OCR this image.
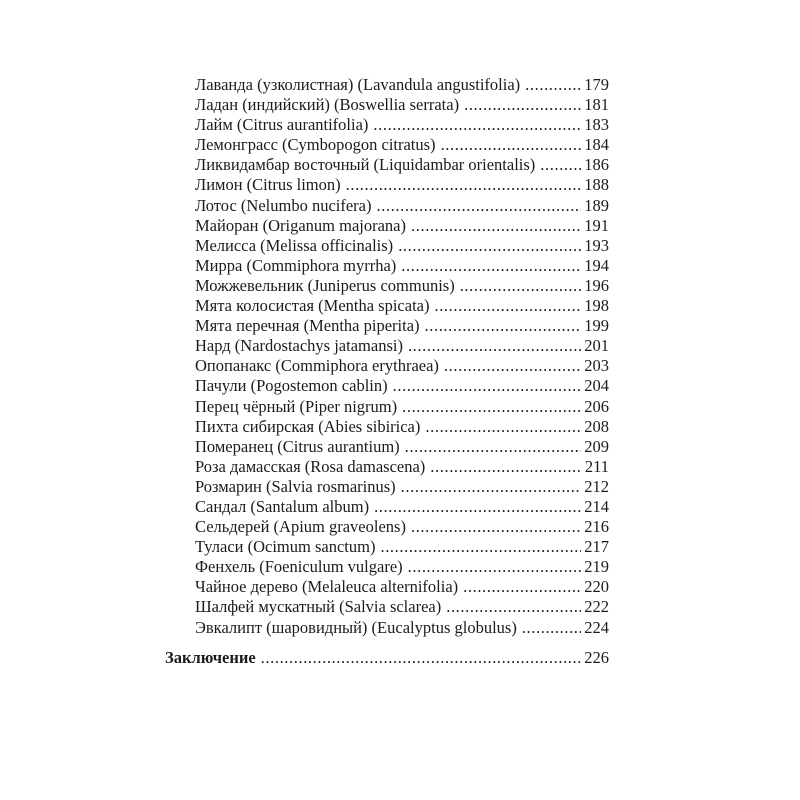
Лаванда (узколистная) (Lavandula angustifolia) .....	179
Ладан (индийский) (Boswellia serrata) .....	181
Лайм (Citrus aurantifolia) .....	183
Лемонграсс (Cymbopogon citratus) .....	184
Ликвидамбар восточный (Liquidambar orientalis) .....	186
Лимон (Citrus limon) .....	188
Лотос (Nelumbo nucifera) .....	189
Майоран (Origanum majorana) .....	191
Мелисса (Melissa officinalis) .....	193
Мирра (Commiphora myrrha) .....	194
Можжевельник (Juniperus communis) .....	196
Мята колосистая (Mentha spicata) .....	198
Мята перечная (Mentha piperita) .....	199
Нард (Nardostachys jatamansi) .....	201
Опопанакс (Commiphora erythraea) .....	203
Пачули (Pogostemon cablin) .....	204
Перец чёрный (Piper nigrum) .....	206
Пихта сибирская (Abies sibirica) .....	208
Померанец (Citrus aurantium) .....	209
Роза дамасская (Rosa damascena) .....	211
Розмарин (Salvia rosmarinus) .....	212
Сандал (Santalum album) .....	214
Сельдерей (Apium graveolens) .....	216
Туласи (Ocimum sanctum) .....	217
Фенхель (Foeniculum vulgare) .....	219
Чайное дерево (Melaleuca alternifolia) .....	220
Шалфей мускатный (Salvia sclarea) .....	222
Эвкалипт (шаровидный) (Eucalyptus globulus) .....	224
Заключение .....	226
